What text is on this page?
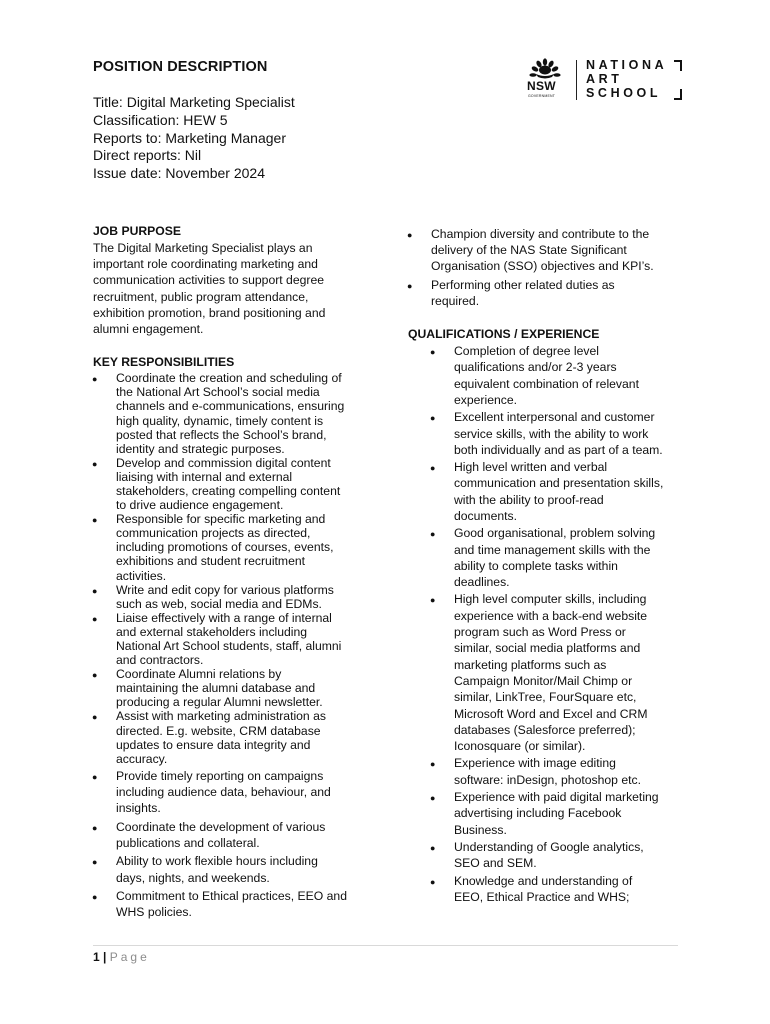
POSITION DESCRIPTION
Title: Digital Marketing Specialist
Classification: HEW 5
Reports to: Marketing Manager
Direct reports: Nil
Issue date: November 2024
NSW
GOVERNMENT
NATIONA
ART
SCHOOL
JOB PURPOSE
The Digital Marketing Specialist plays an
important role coordinating marketing and
communication activities to support degree
recruitment, public program attendance,
exhibition promotion, brand positioning and
alumni engagement.
KEY RESPONSIBILITIES
● Coordinate the creation and scheduling of
the National Art School’s social media
channels and e-communications, ensuring
high quality, dynamic, timely content is
posted that reflects the School’s brand,
identity and strategic purposes.
● Develop and commission digital content
liaising with internal and external
stakeholders, creating compelling content
to drive audience engagement.
● Responsible for specific marketing and
communication projects as directed,
including promotions of courses, events,
exhibitions and student recruitment
activities.
● Write and edit copy for various platforms
such as web, social media and EDMs.
● Liaise effectively with a range of internal
and external stakeholders including
National Art School students, staff, alumni
and contractors.
● Coordinate Alumni relations by
maintaining the alumni database and
producing a regular Alumni newsletter.
● Assist with marketing administration as
directed. E.g. website, CRM database
updates to ensure data integrity and
accuracy.
● Provide timely reporting on campaigns
including audience data, behaviour, and
insights.
● Coordinate the development of various
publications and collateral.
● Ability to work flexible hours including
days, nights, and weekends.
● Commitment to Ethical practices, EEO and
WHS policies.
● Champion diversity and contribute to the
delivery of the NAS State Significant
Organisation (SSO) objectives and KPI’s.
● Performing other related duties as
required.
QUALIFICATIONS / EXPERIENCE
● Completion of degree level
qualifications and/or 2-3 years
equivalent combination of relevant
experience.
● Excellent interpersonal and customer
service skills, with the ability to work
both individually and as part of a team.
● High level written and verbal
communication and presentation skills,
with the ability to proof-read
documents.
● Good organisational, problem solving
and time management skills with the
ability to complete tasks within
deadlines.
● High level computer skills, including
experience with a back-end website
program such as Word Press or
similar, social media platforms and
marketing platforms such as
Campaign Monitor/Mail Chimp or
similar, LinkTree, FourSquare etc,
Microsoft Word and Excel and CRM
databases (Salesforce preferred);
Iconosquare (or similar).
● Experience with image editing
software: inDesign, photoshop etc.
● Experience with paid digital marketing
advertising including Facebook
Business.
● Understanding of Google analytics,
SEO and SEM.
● Knowledge and understanding of
EEO, Ethical Practice and WHS;
1 | Page
